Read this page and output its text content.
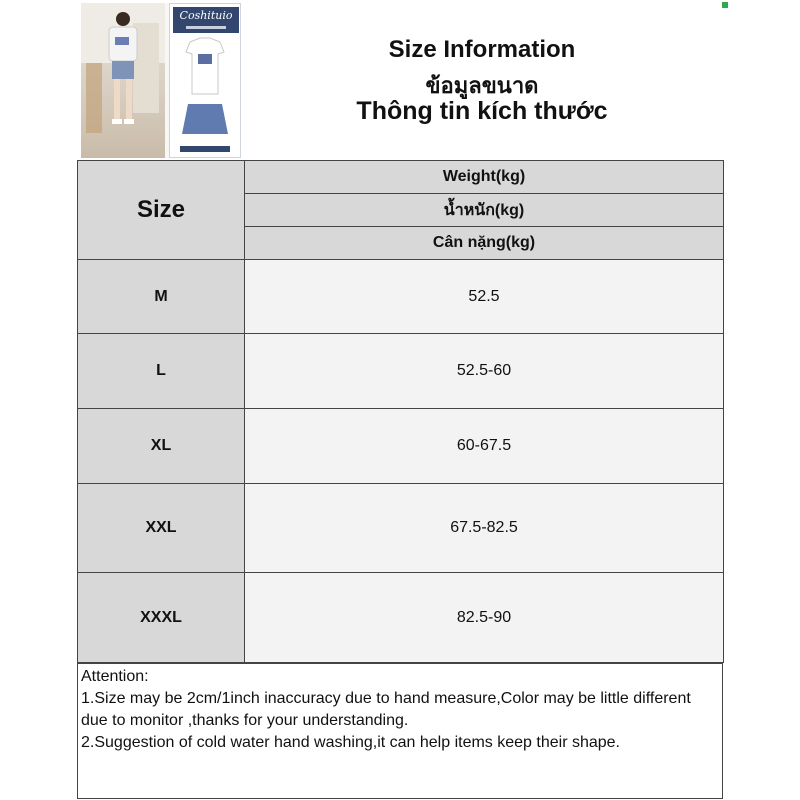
Coshituio
Size Information
ข้อมูลขนาด
Thông tin kích thước
Size	Weight(kg)
	น้ำหนัก(kg)
	Cân nặng(kg)
M	52.5
L	52.5-60
XL	60-67.5
XXL	67.5-82.5
XXXL	82.5-90

Attention:

1.Size may be 2cm/1inch inaccuracy due to hand measure,Color may be little different due to monitor ,thanks for your understanding.

2.Suggestion of cold water hand washing,it can help items keep their shape.
